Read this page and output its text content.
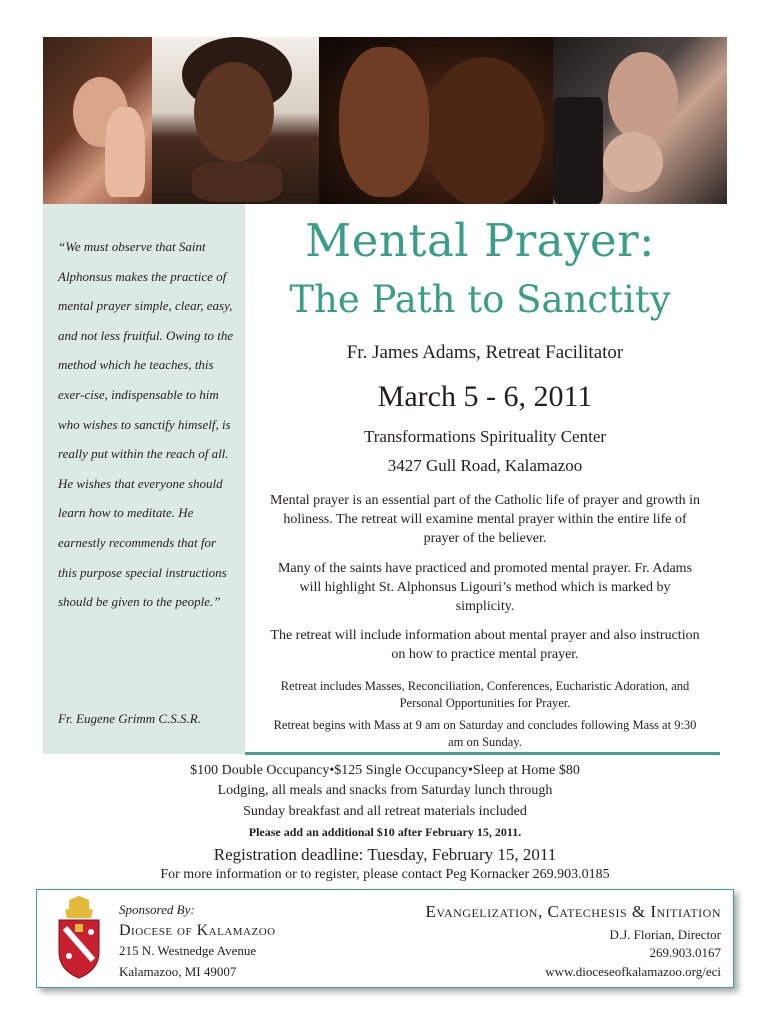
“We must observe that Saint Alphonsus makes the practice of mental prayer simple, clear, easy, and not less fruitful. Owing to the method which he teaches, this exer-cise, indispensable to him who wishes to sanctify himself, is really put within the reach of all. He wishes that everyone should learn how to meditate. He earnestly recommends that for this purpose special instructions should be given to the people.”
Fr. Eugene Grimm C.S.S.R.
Mental Prayer:
The Path to Sanctity
Fr. James Adams, Retreat Facilitator
March 5 - 6, 2011
Transformations Spirituality Center
3427 Gull Road, Kalamazoo
Mental prayer is an essential part of the Catholic life of prayer and growth in holiness. The retreat will examine mental prayer within the entire life of prayer of the believer.
Many of the saints have practiced and promoted mental prayer. Fr. Adams will highlight St. Alphonsus Ligouri’s method which is marked by simplicity.
The retreat will include information about mental prayer and also instruction on how to practice mental prayer.
Retreat includes Masses, Reconciliation, Conferences, Eucharistic Adoration, and Personal Opportunities for Prayer.
Retreat begins with Mass at 9 am on Saturday and concludes following Mass at 9:30 am on Sunday.
$100 Double Occupancy•$125 Single Occupancy•Sleep at Home $80
Lodging, all meals and snacks from Saturday lunch through
Sunday breakfast and all retreat materials included
Please add an additional $10 after February 15, 2011.
Registration deadline: Tuesday, February 15, 2011
For more information or to register, please contact Peg Kornacker 269.903.0185
Sponsored By:
Diocese of Kalamazoo
215 N. Westnedge Avenue
Kalamazoo, MI 49007
Evangelization, Catechesis & Initiation
D.J. Florian, Director
269.903.0167
www.dioceseofkalamazoo.org/eci
